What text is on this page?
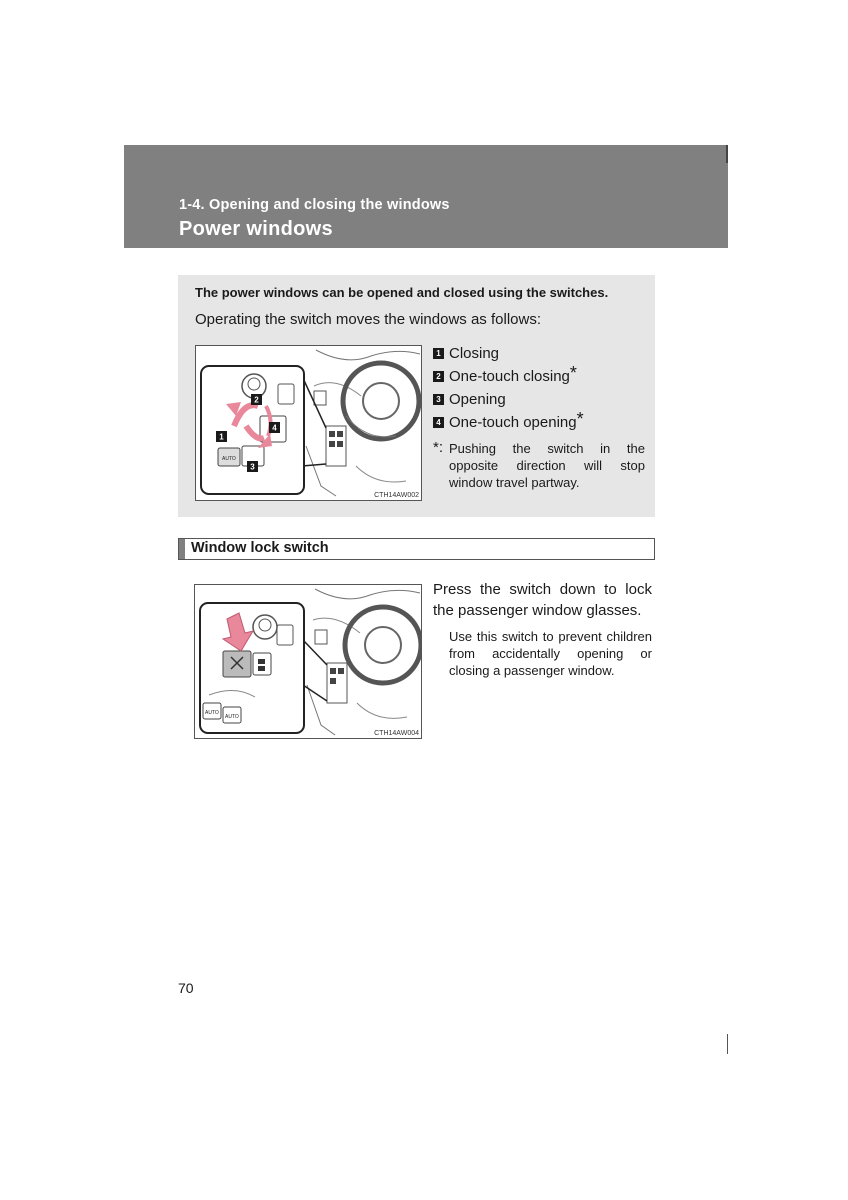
1-4. Opening and closing the windows
Power windows
The power windows can be opened and closed using the switches.
Operating the switch moves the windows as follows:
AUTO
2
1
4
3
CTH14AW002
1 Closing
2 One-touch closing *
3 Opening
4 One-touch opening *
*: Pushing the switch in the opposite direction will stop window travel partway.
Window lock switch
AUTO
AUTO
CTH14AW004
Press the switch down to lock the passenger window glasses.
Use this switch to prevent children from accidentally opening or closing a passenger window.
70
